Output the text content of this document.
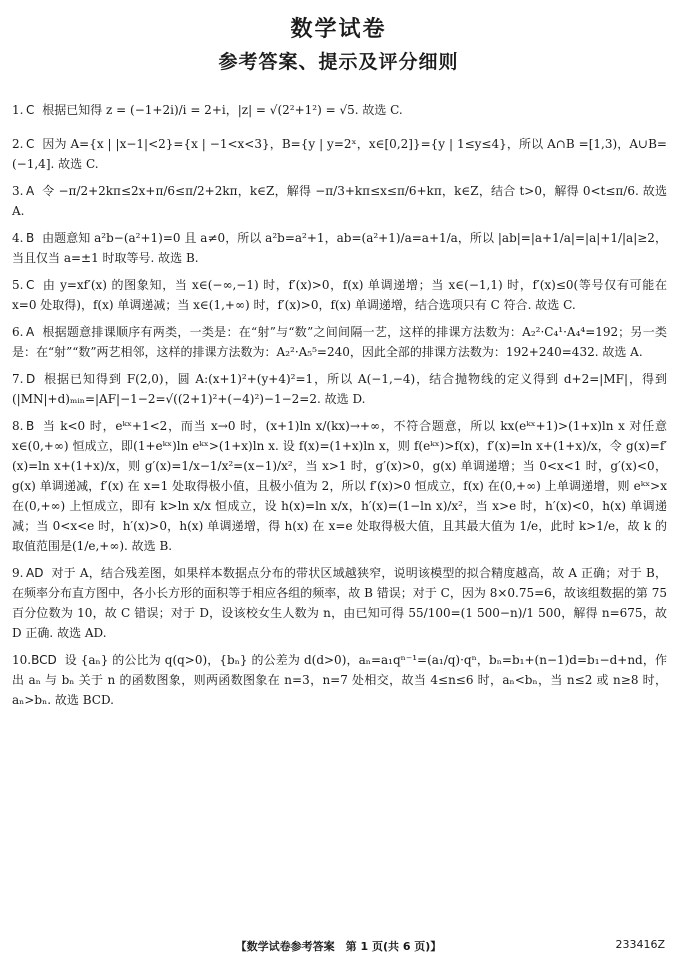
数学试卷
参考答案、提示及评分细则
1. C 根据已知得 z = (−1+2i)/i = 2+i，|z| = √(2²+1²) = √5. 故选 C.
2. C 因为 A={x | |x−1|<2}={x | −1<x<3}，B={y | y=2ˣ，x∈[0,2]}={y | 1≤y≤4}，所以 A∩B =[1,3)，A∪B=(−1,4]. 故选 C.
3. A 令 −π/2+2kπ≤2x+π/6≤π/2+2kπ，k∈Z，解得 −π/3+kπ≤x≤π/6+kπ，k∈Z，结合 t>0，解得 0<t≤π/6. 故选 A.
4. B 由题意知 a²b−(a²+1)=0 且 a≠0，所以 a²b=a²+1，ab=(a²+1)/a=a+1/a，所以 |ab|=|a+1/a|=|a|+1/|a|≥2，当且仅当 a=±1 时取等号. 故选 B.
5. C 由 y=xf′(x) 的图象知，当 x∈(−∞,−1) 时，f′(x)>0，f(x) 单调递增；当 x∈(−1,1) 时，f′(x)≤0(等号仅有可能在 x=0 处取得)，f(x) 单调递减；当 x∈(1,+∞) 时，f′(x)>0，f(x) 单调递增，结合选项只有 C 符合. 故选 C.
6. A 根据题意排课顺序有两类，一类是：在“射”与“数”之间间隔一艺，这样的排课方法数为：A₂²·C₄¹·A₄⁴=192；另一类是：在“射”“数”两艺相邻，这样的排课方法数为：A₂²·A₅⁵=240，因此全部的排课方法数为：192+240=432. 故选 A.
7. D 根据已知得到 F(2,0)，圆 A:(x+1)²+(y+4)²=1，所以 A(−1,−4)，结合抛物线的定义得到 d+2=|MF|，得到(|MN|+d)ₘᵢₙ=|AF|−1−2=√((2+1)²+(−4)²)−1−2=2. 故选 D.
8. B 当 k<0 时，eᵏˣ+1<2，而当 x→0 时，(x+1)ln x/(kx)→+∞，不符合题意，所以 kx(eᵏˣ+1)>(1+x)ln x 对任意 x∈(0,+∞) 恒成立，即(1+eᵏˣ)ln eᵏˣ>(1+x)ln x. 设 f(x)=(1+x)ln x，则 f(eᵏˣ)>f(x)，f′(x)=ln x+(1+x)/x，令 g(x)=f′(x)=ln x+(1+x)/x，则 g′(x)=1/x−1/x²=(x−1)/x²，当 x>1 时，g′(x)>0，g(x) 单调递增；当 0<x<1 时，g′(x)<0，g(x) 单调递减，f′(x) 在 x=1 处取得极小值，且极小值为 2，所以 f′(x)>0 恒成立，f(x) 在(0,+∞) 上单调递增，则 eᵏˣ>x 在(0,+∞) 上恒成立，即有 k>ln x/x 恒成立，设 h(x)=ln x/x，h′(x)=(1−ln x)/x²，当 x>e 时，h′(x)<0，h(x) 单调递减；当 0<x<e 时，h′(x)>0，h(x) 单调递增，得 h(x) 在 x=e 处取得极大值，且其最大值为 1/e，此时 k>1/e，故 k 的取值范围是(1/e,+∞). 故选 B.
9. AD 对于 A，结合残差图，如果样本数据点分布的带状区域越狭窄，说明该模型的拟合精度越高，故 A 正确；对于 B，在频率分布直方图中，各小长方形的面积等于相应各组的频率，故 B 错误；对于 C，因为 8×0.75=6，故该组数据的第 75 百分位数为 10，故 C 错误；对于 D，设该校女生人数为 n，由已知可得 55/100=(1 500−n)/1 500，解得 n=675，故 D 正确. 故选 AD.
10.BCD 设 {aₙ} 的公比为 q(q>0)，{bₙ} 的公差为 d(d>0)，aₙ=a₁qⁿ⁻¹=(a₁/q)·qⁿ，bₙ=b₁+(n−1)d=b₁−d+nd，作出 aₙ 与 bₙ 关于 n 的函数图象，则两函数图象在 n=3，n=7 处相交，故当 4≤n≤6 时，aₙ<bₙ，当 n≤2 或 n≥8 时，aₙ>bₙ. 故选 BCD.
【数学试卷参考答案　第 1 页(共 6 页)】	233416Z
